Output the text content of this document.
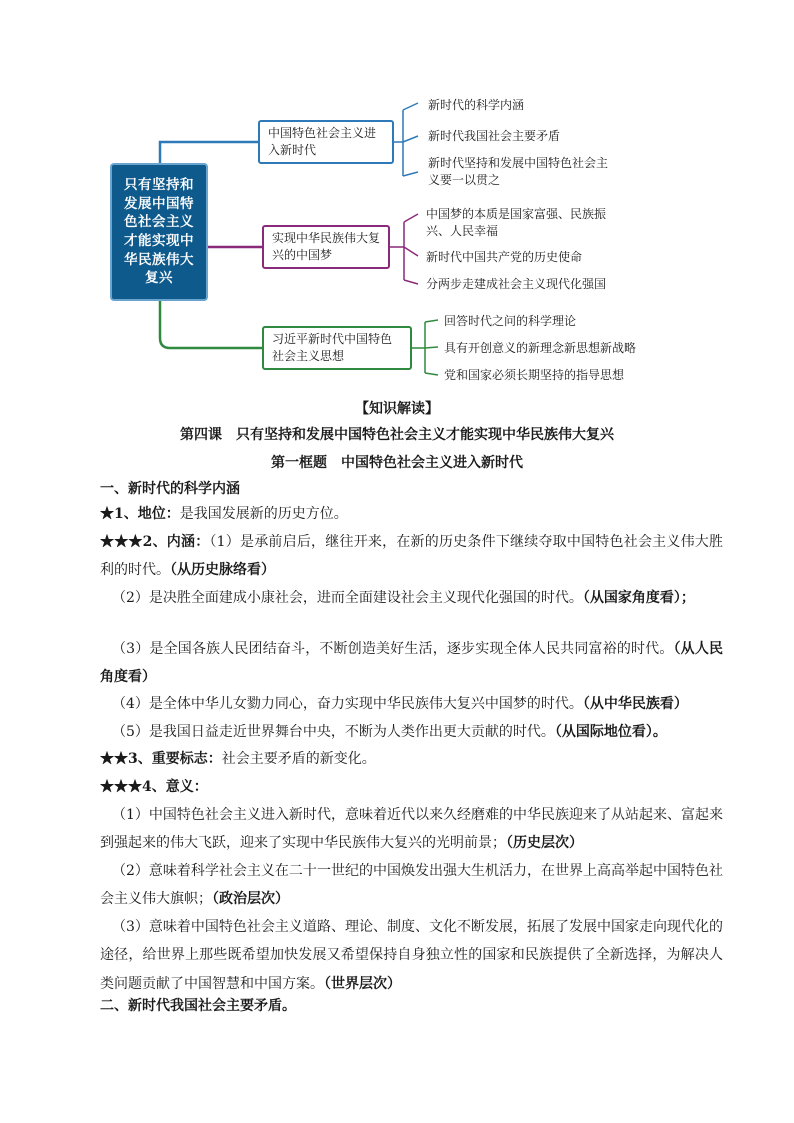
只有坚持和发展中国特色社会主义才能实现中华民族伟大复兴
中国特色社会主义进入新时代
实现中华民族伟大复兴的中国梦
习近平新时代中国特色社会主义思想
新时代的科学内涵
新时代我国社会主要矛盾
新时代坚持和发展中国特色社会主义要一以贯之
中国梦的本质是国家富强、民族振兴、人民幸福
新时代中国共产党的历史使命
分两步走建成社会主义现代化强国
回答时代之问的科学理论
具有开创意义的新理念新思想新战略
党和国家必须长期坚持的指导思想
【知识解读】
第四课　只有坚持和发展中国特色社会主义才能实现中华民族伟大复兴
第一框题　中国特色社会主义进入新时代
一、新时代的科学内涵
★1、地位：是我国发展新的历史方位。
★★★2、内涵：（1）是承前启后，继往开来，在新的历史条件下继续夺取中国特色社会主义伟大胜利的时代。（从历史脉络看）
（2）是决胜全面建成小康社会，进而全面建设社会主义现代化强国的时代。（从国家角度看）；
（3）是全国各族人民团结奋斗，不断创造美好生活，逐步实现全体人民共同富裕的时代。（从人民角度看）
（4）是全体中华儿女勠力同心，奋力实现中华民族伟大复兴中国梦的时代。（从中华民族看）
（5）是我国日益走近世界舞台中央，不断为人类作出更大贡献的时代。（从国际地位看）。
★★3、重要标志：社会主要矛盾的新变化。
★★★4、意义：
（1）中国特色社会主义进入新时代，意味着近代以来久经磨难的中华民族迎来了从站起来、富起来到强起来的伟大飞跃，迎来了实现中华民族伟大复兴的光明前景；（历史层次）
（2）意味着科学社会主义在二十一世纪的中国焕发出强大生机活力，在世界上高高举起中国特色社会主义伟大旗帜；（政治层次）
（3）意味着中国特色社会主义道路、理论、制度、文化不断发展，拓展了发展中国家走向现代化的途径，给世界上那些既希望加快发展又希望保持自身独立性的国家和民族提供了全新选择，为解决人类问题贡献了中国智慧和中国方案。（世界层次）
二、新时代我国社会主要矛盾。
